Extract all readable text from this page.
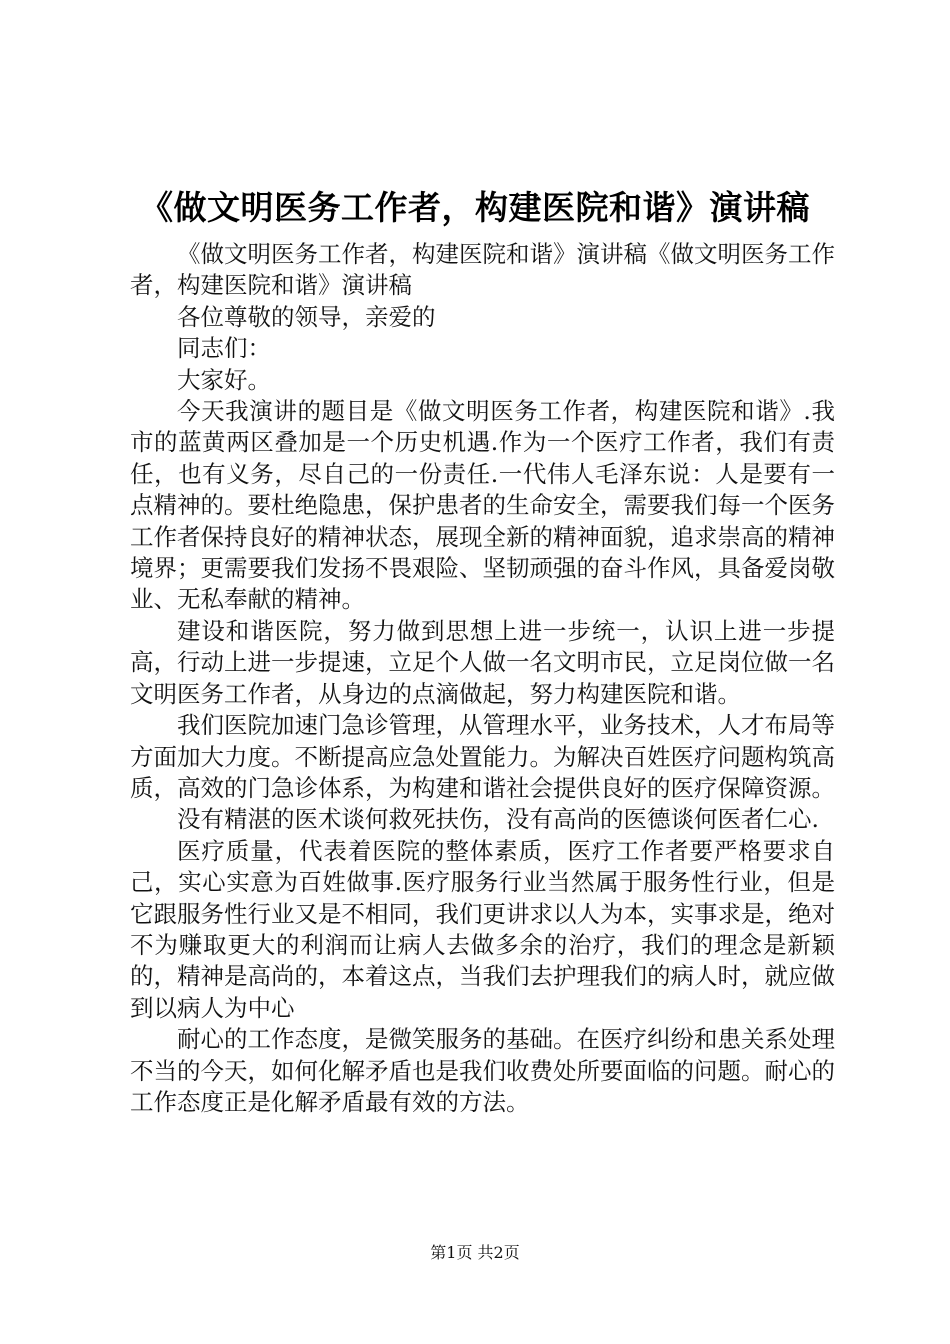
《做文明医务工作者，构建医院和谐》演讲稿

《做文明医务工作者，构建医院和谐》演讲稿《做文明医务工作者，构建医院和谐》演讲稿

各位尊敬的领导，亲爱的

同志们：

大家好。

今天我演讲的题目是《做文明医务工作者，构建医院和谐》.我市的蓝黄两区叠加是一个历史机遇.作为一个医疗工作者，我们有责任，也有义务，尽自己的一份责任.一代伟人毛泽东说：人是要有一点精神的。要杜绝隐患，保护患者的生命安全，需要我们每一个医务工作者保持良好的精神状态，展现全新的精神面貌，追求崇高的精神境界；更需要我们发扬不畏艰险、坚韧顽强的奋斗作风，具备爱岗敬业、无私奉献的精神。

建设和谐医院，努力做到思想上进一步统一，认识上进一步提高，行动上进一步提速，立足个人做一名文明市民，立足岗位做一名文明医务工作者，从身边的点滴做起，努力构建医院和谐。

我们医院加速门急诊管理，从管理水平，业务技术，人才布局等方面加大力度。不断提高应急处置能力。为解决百姓医疗问题构筑高质，高效的门急诊体系，为构建和谐社会提供良好的医疗保障资源。

没有精湛的医术谈何救死扶伤，没有高尚的医德谈何医者仁心.

医疗质量，代表着医院的整体素质，医疗工作者要严格要求自己，实心实意为百姓做事.医疗服务行业当然属于服务性行业，但是它跟服务性行业又是不相同，我们更讲求以人为本，实事求是，绝对不为赚取更大的利润而让病人去做多余的治疗，我们的理念是新颖的，精神是高尚的，本着这点，当我们去护理我们的病人时，就应做到以病人为中心

耐心的工作态度，是微笑服务的基础。在医疗纠纷和患关系处理不当的今天，如何化解矛盾也是我们收费处所要面临的问题。耐心的工作态度正是化解矛盾最有效的方法。

第1页 共2页
